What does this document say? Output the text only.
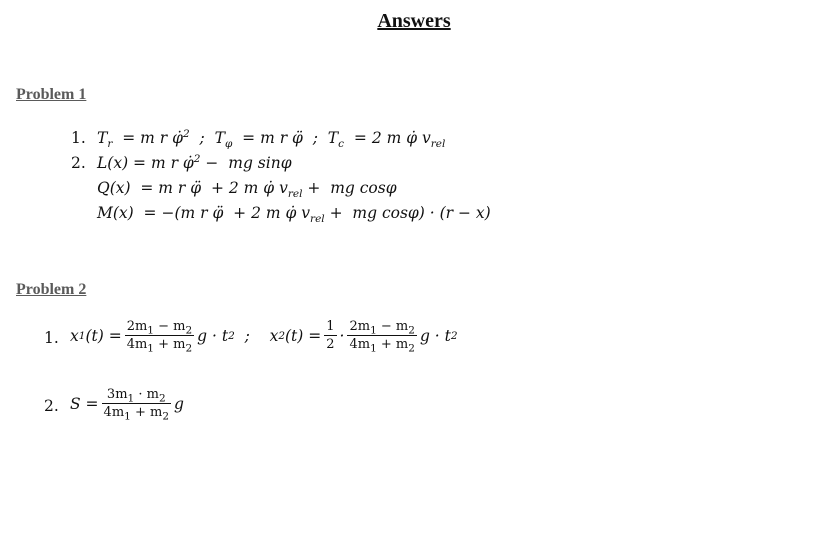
Answers
Problem 1
1. $T_r = m$ r φ̇$^2$  ;  $T_\varphi = m$ r φ̈  ;  $T_c = 2$ m φ̇ $v_{rel}$
2. L(x) = m r φ̇$^2$ −  mg sinφ
Q(x)  = m r φ̈  + 2 m φ̇ $v_{rel}$ +  mg cosφ
M(x)  = −(m r φ̈  + 2 m φ̇ $v_{rel}$ +  mg cosφ) · (r − x)
Problem 2
1. x 1 $(t) = \frac{2m_1 - m_2}{4m_1 + m_2}$ g · t 2 ;    x 2 $(t) = \frac{1}{2} \cdot \frac{2m_1 - m_2}{4m_1 + m_2}$ g · t 2
2. $S = \frac{3m_1 \cdot m_2}{4m_1 + m_2}$ g
